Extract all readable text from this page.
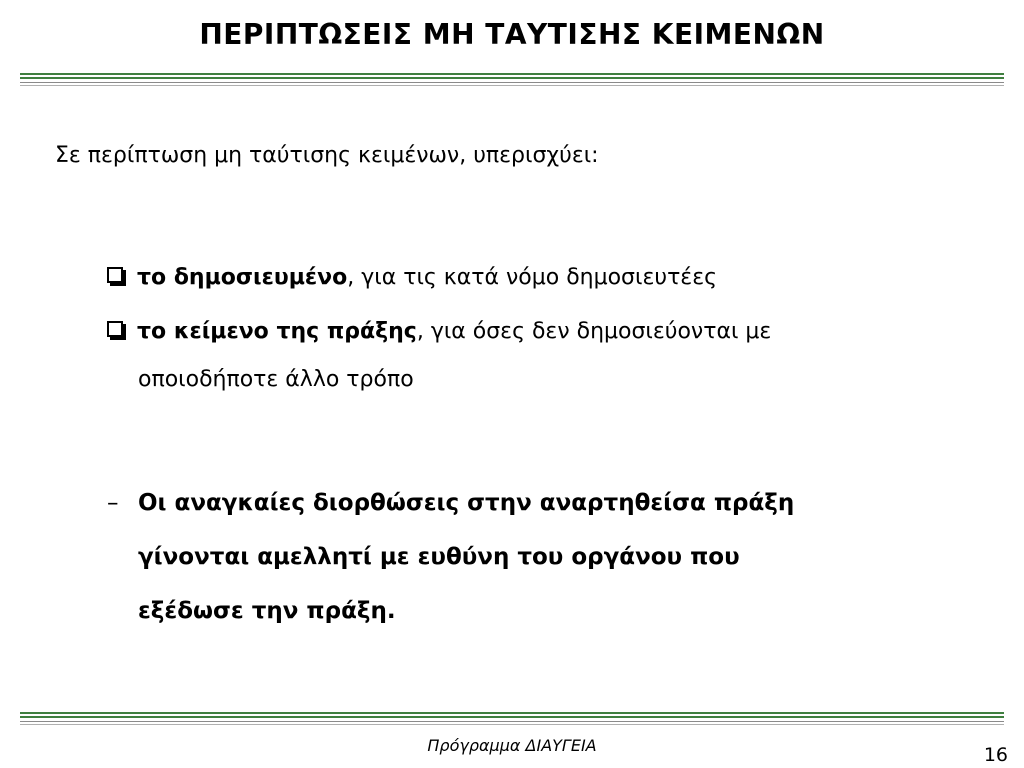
ΠΕΡΙΠΤΩΣΕΙΣ ΜΗ ΤΑΥΤΙΣΗΣ ΚΕΙΜΕΝΩΝ

Σε περίπτωση μη ταύτισης κειμένων, υπερισχύει:

το δημοσιευμένο, για τις κατά νόμο δημοσιευτέες
το κείμενο της πράξης, για όσες δεν δημοσιεύονται με
οποιοδήποτε άλλο τρόπο
– Οι αναγκαίες διορθώσεις στην αναρτηθείσα πράξη
γίνονται αμελλητί με ευθύνη του οργάνου που
εξέδωσε την πράξη.

Πρόγραμμα ΔΙΑΥΓΕΙΑ	16
